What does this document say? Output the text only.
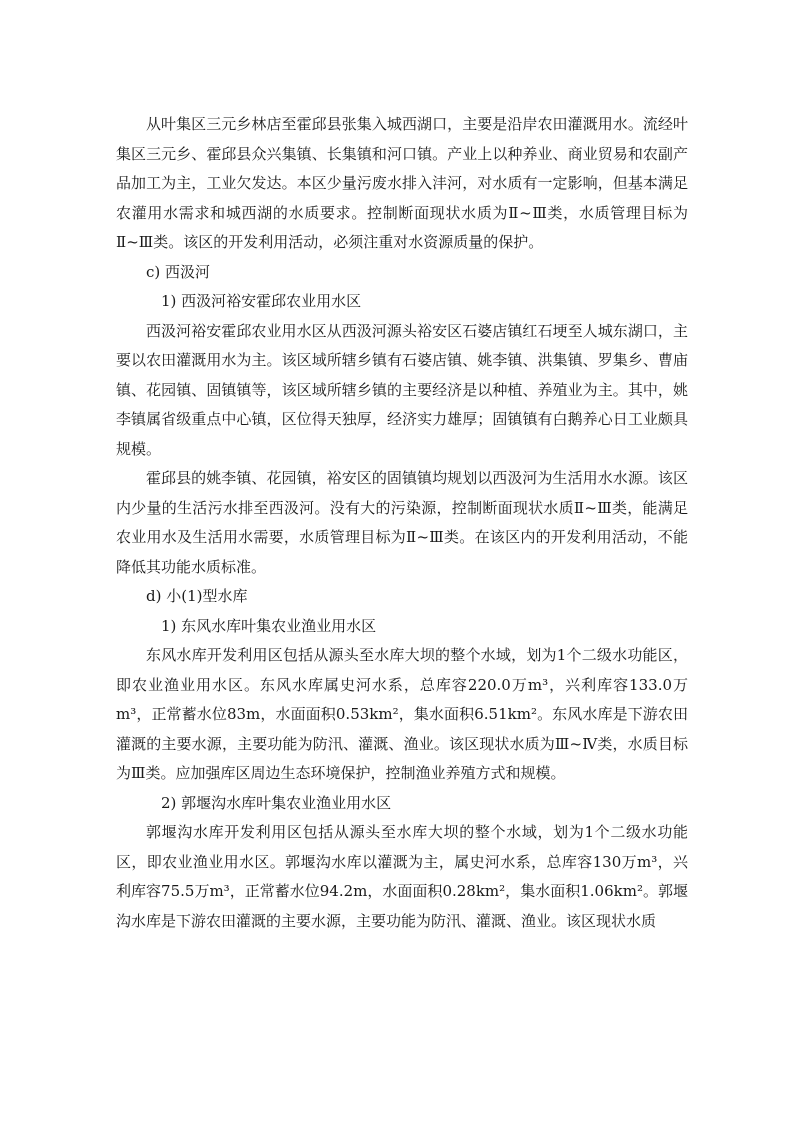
从叶集区三元乡林店至霍邱县张集入城西湖口，主要是沿岸农田灌溉用水。流经叶集区三元乡、霍邱县众兴集镇、长集镇和河口镇。产业上以种养业、商业贸易和农副产品加工为主，工业欠发达。本区少量污废水排入沣河，对水质有一定影响，但基本满足农灌用水需求和城西湖的水质要求。控制断面现状水质为Ⅱ~Ⅲ类，水质管理目标为Ⅱ~Ⅲ类。该区的开发利用活动，必须注重对水资源质量的保护。

c) 西汲河

1) 西汲河裕安霍邱农业用水区

西汲河裕安霍邱农业用水区从西汲河源头裕安区石婆店镇红石埂至人城东湖口，主要以农田灌溉用水为主。该区域所辖乡镇有石婆店镇、姚李镇、洪集镇、罗集乡、曹庙镇、花园镇、固镇镇等，该区域所辖乡镇的主要经济是以种植、养殖业为主。其中，姚李镇属省级重点中心镇，区位得天独厚，经济实力雄厚；固镇镇有白鹅养心日工业颇具规模。

霍邱县的姚李镇、花园镇，裕安区的固镇镇均规划以西汲河为生活用水水源。该区内少量的生活污水排至西汲河。没有大的污染源，控制断面现状水质Ⅱ~Ⅲ类，能满足农业用水及生活用水需要，水质管理目标为Ⅱ~Ⅲ类。在该区内的开发利用活动，不能降低其功能水质标准。

d) 小(1)型水库

1) 东风水库叶集农业渔业用水区

东风水库开发利用区包括从源头至水库大坝的整个水域，划为1个二级水功能区，即农业渔业用水区。东风水库属史河水系，总库容220.0万m³，兴利库容133.0万m³，正常蓄水位83m，水面面积0.53km²，集水面积6.51km²。东风水库是下游农田灌溉的主要水源，主要功能为防汛、灌溉、渔业。该区现状水质为Ⅲ~Ⅳ类，水质目标为Ⅲ类。应加强库区周边生态环境保护，控制渔业养殖方式和规模。

2) 郭堰沟水库叶集农业渔业用水区

郭堰沟水库开发利用区包括从源头至水库大坝的整个水域，划为1个二级水功能区，即农业渔业用水区。郭堰沟水库以灌溉为主，属史河水系，总库容130万m³，兴利库容75.5万m³，正常蓄水位94.2m，水面面积0.28km²，集水面积1.06km²。郭堰沟水库是下游农田灌溉的主要水源，主要功能为防汛、灌溉、渔业。该区现状水质
